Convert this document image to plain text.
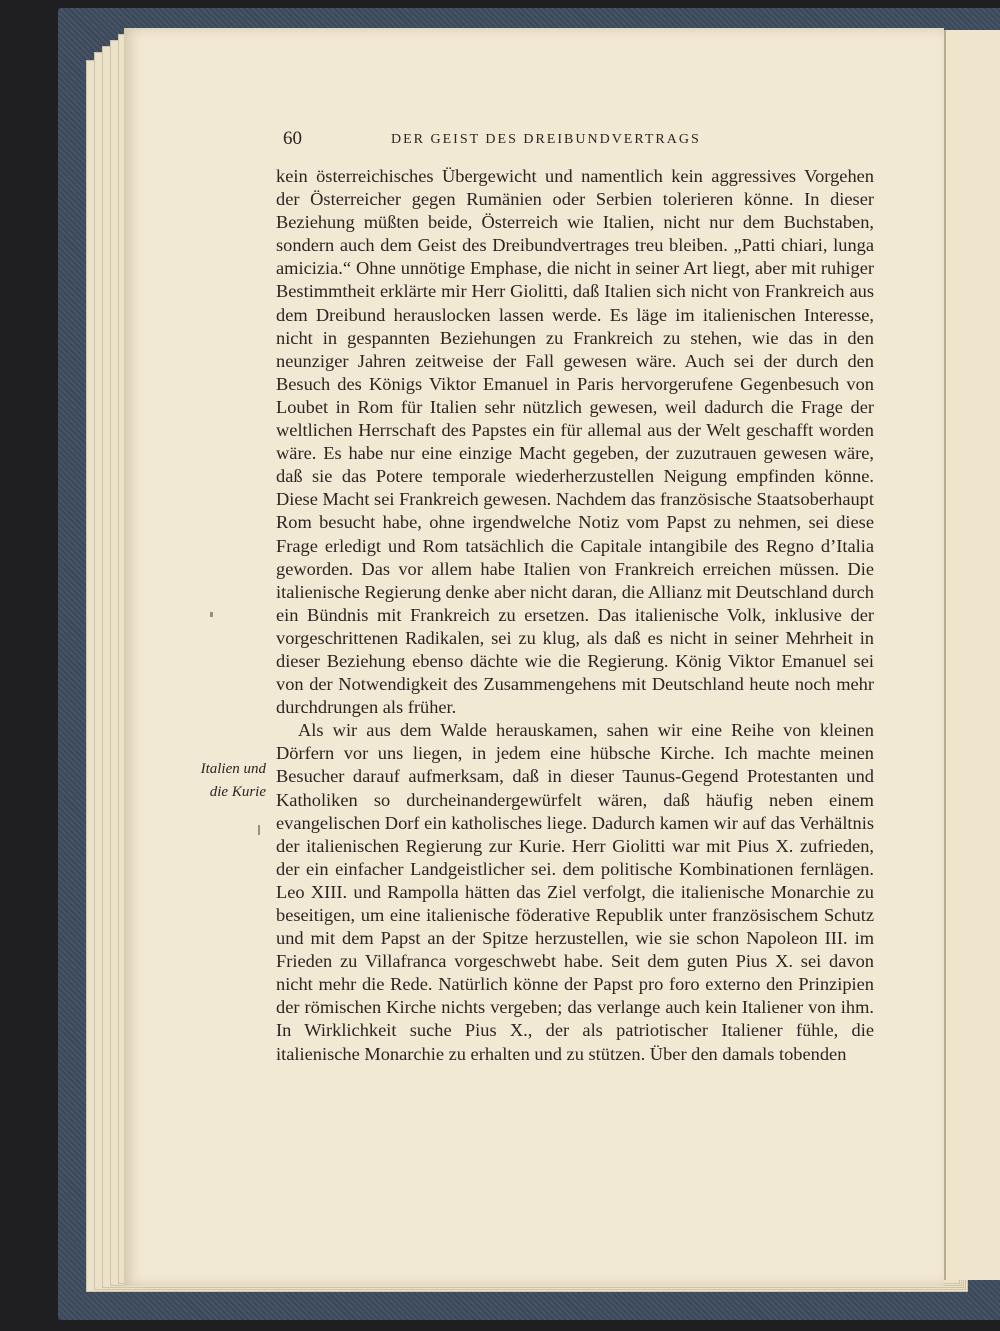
60	DER GEIST DES DREIBUNDVERTRAGS
Italien und
die Kurie

kein österreichisches Übergewicht und namentlich kein aggressives Vorgehen der Österreicher gegen Rumänien oder Serbien tolerieren könne. In dieser Beziehung müßten beide, Österreich wie Italien, nicht nur dem Buchstaben, sondern auch dem Geist des Dreibundvertrages treu bleiben. „Patti chiari, lunga amicizia.“ Ohne unnötige Emphase, die nicht in seiner Art liegt, aber mit ruhiger Bestimmtheit erklärte mir Herr Giolitti, daß Italien sich nicht von Frankreich aus dem Dreibund herauslocken lassen werde. Es läge im italienischen Interesse, nicht in gespannten Beziehungen zu Frankreich zu stehen, wie das in den neunziger Jahren zeitweise der Fall gewesen wäre. Auch sei der durch den Besuch des Königs Viktor Emanuel in Paris hervorgerufene Gegenbesuch von Loubet in Rom für Italien sehr nützlich gewesen, weil dadurch die Frage der weltlichen Herrschaft des Papstes ein für allemal aus der Welt geschafft worden wäre. Es habe nur eine einzige Macht gegeben, der zuzutrauen gewesen wäre, daß sie das Potere temporale wiederherzustellen Neigung empfinden könne. Diese Macht sei Frankreich gewesen. Nachdem das französische Staatsoberhaupt Rom besucht habe, ohne irgendwelche Notiz vom Papst zu nehmen, sei diese Frage erledigt und Rom tatsächlich die Capitale intangibile des Regno d’Italia geworden. Das vor allem habe Italien von Frankreich erreichen müssen. Die italienische Regierung denke aber nicht daran, die Allianz mit Deutschland durch ein Bündnis mit Frankreich zu ersetzen. Das italienische Volk, inklusive der vorgeschrittenen Radikalen, sei zu klug, als daß es nicht in seiner Mehrheit in dieser Beziehung ebenso dächte wie die Regierung. König Viktor Emanuel sei von der Notwendigkeit des Zusammengehens mit Deutschland heute noch mehr durchdrungen als früher.

Als wir aus dem Walde herauskamen, sahen wir eine Reihe von kleinen Dörfern vor uns liegen, in jedem eine hübsche Kirche. Ich machte meinen Besucher darauf aufmerksam, daß in dieser Taunus-Gegend Protestanten und Katholiken so durcheinandergewürfelt wären, daß häufig neben einem evangelischen Dorf ein katholisches liege. Dadurch kamen wir auf das Verhältnis der italienischen Regierung zur Kurie. Herr Giolitti war mit Pius X. zufrieden, der ein einfacher Landgeistlicher sei. dem politische Kombinationen fernlägen. Leo XIII. und Rampolla hätten das Ziel verfolgt, die italienische Monarchie zu beseitigen, um eine italienische föderative Republik unter französischem Schutz und mit dem Papst an der Spitze herzustellen, wie sie schon Napoleon III. im Frieden zu Villafranca vorgeschwebt habe. Seit dem guten Pius X. sei davon nicht mehr die Rede. Natürlich könne der Papst pro foro externo den Prinzipien der römischen Kirche nichts vergeben; das verlange auch kein Italiener von ihm. In Wirklichkeit suche Pius X., der als patriotischer Italiener fühle, die italienische Monarchie zu erhalten und zu stützen. Über den damals tobenden
